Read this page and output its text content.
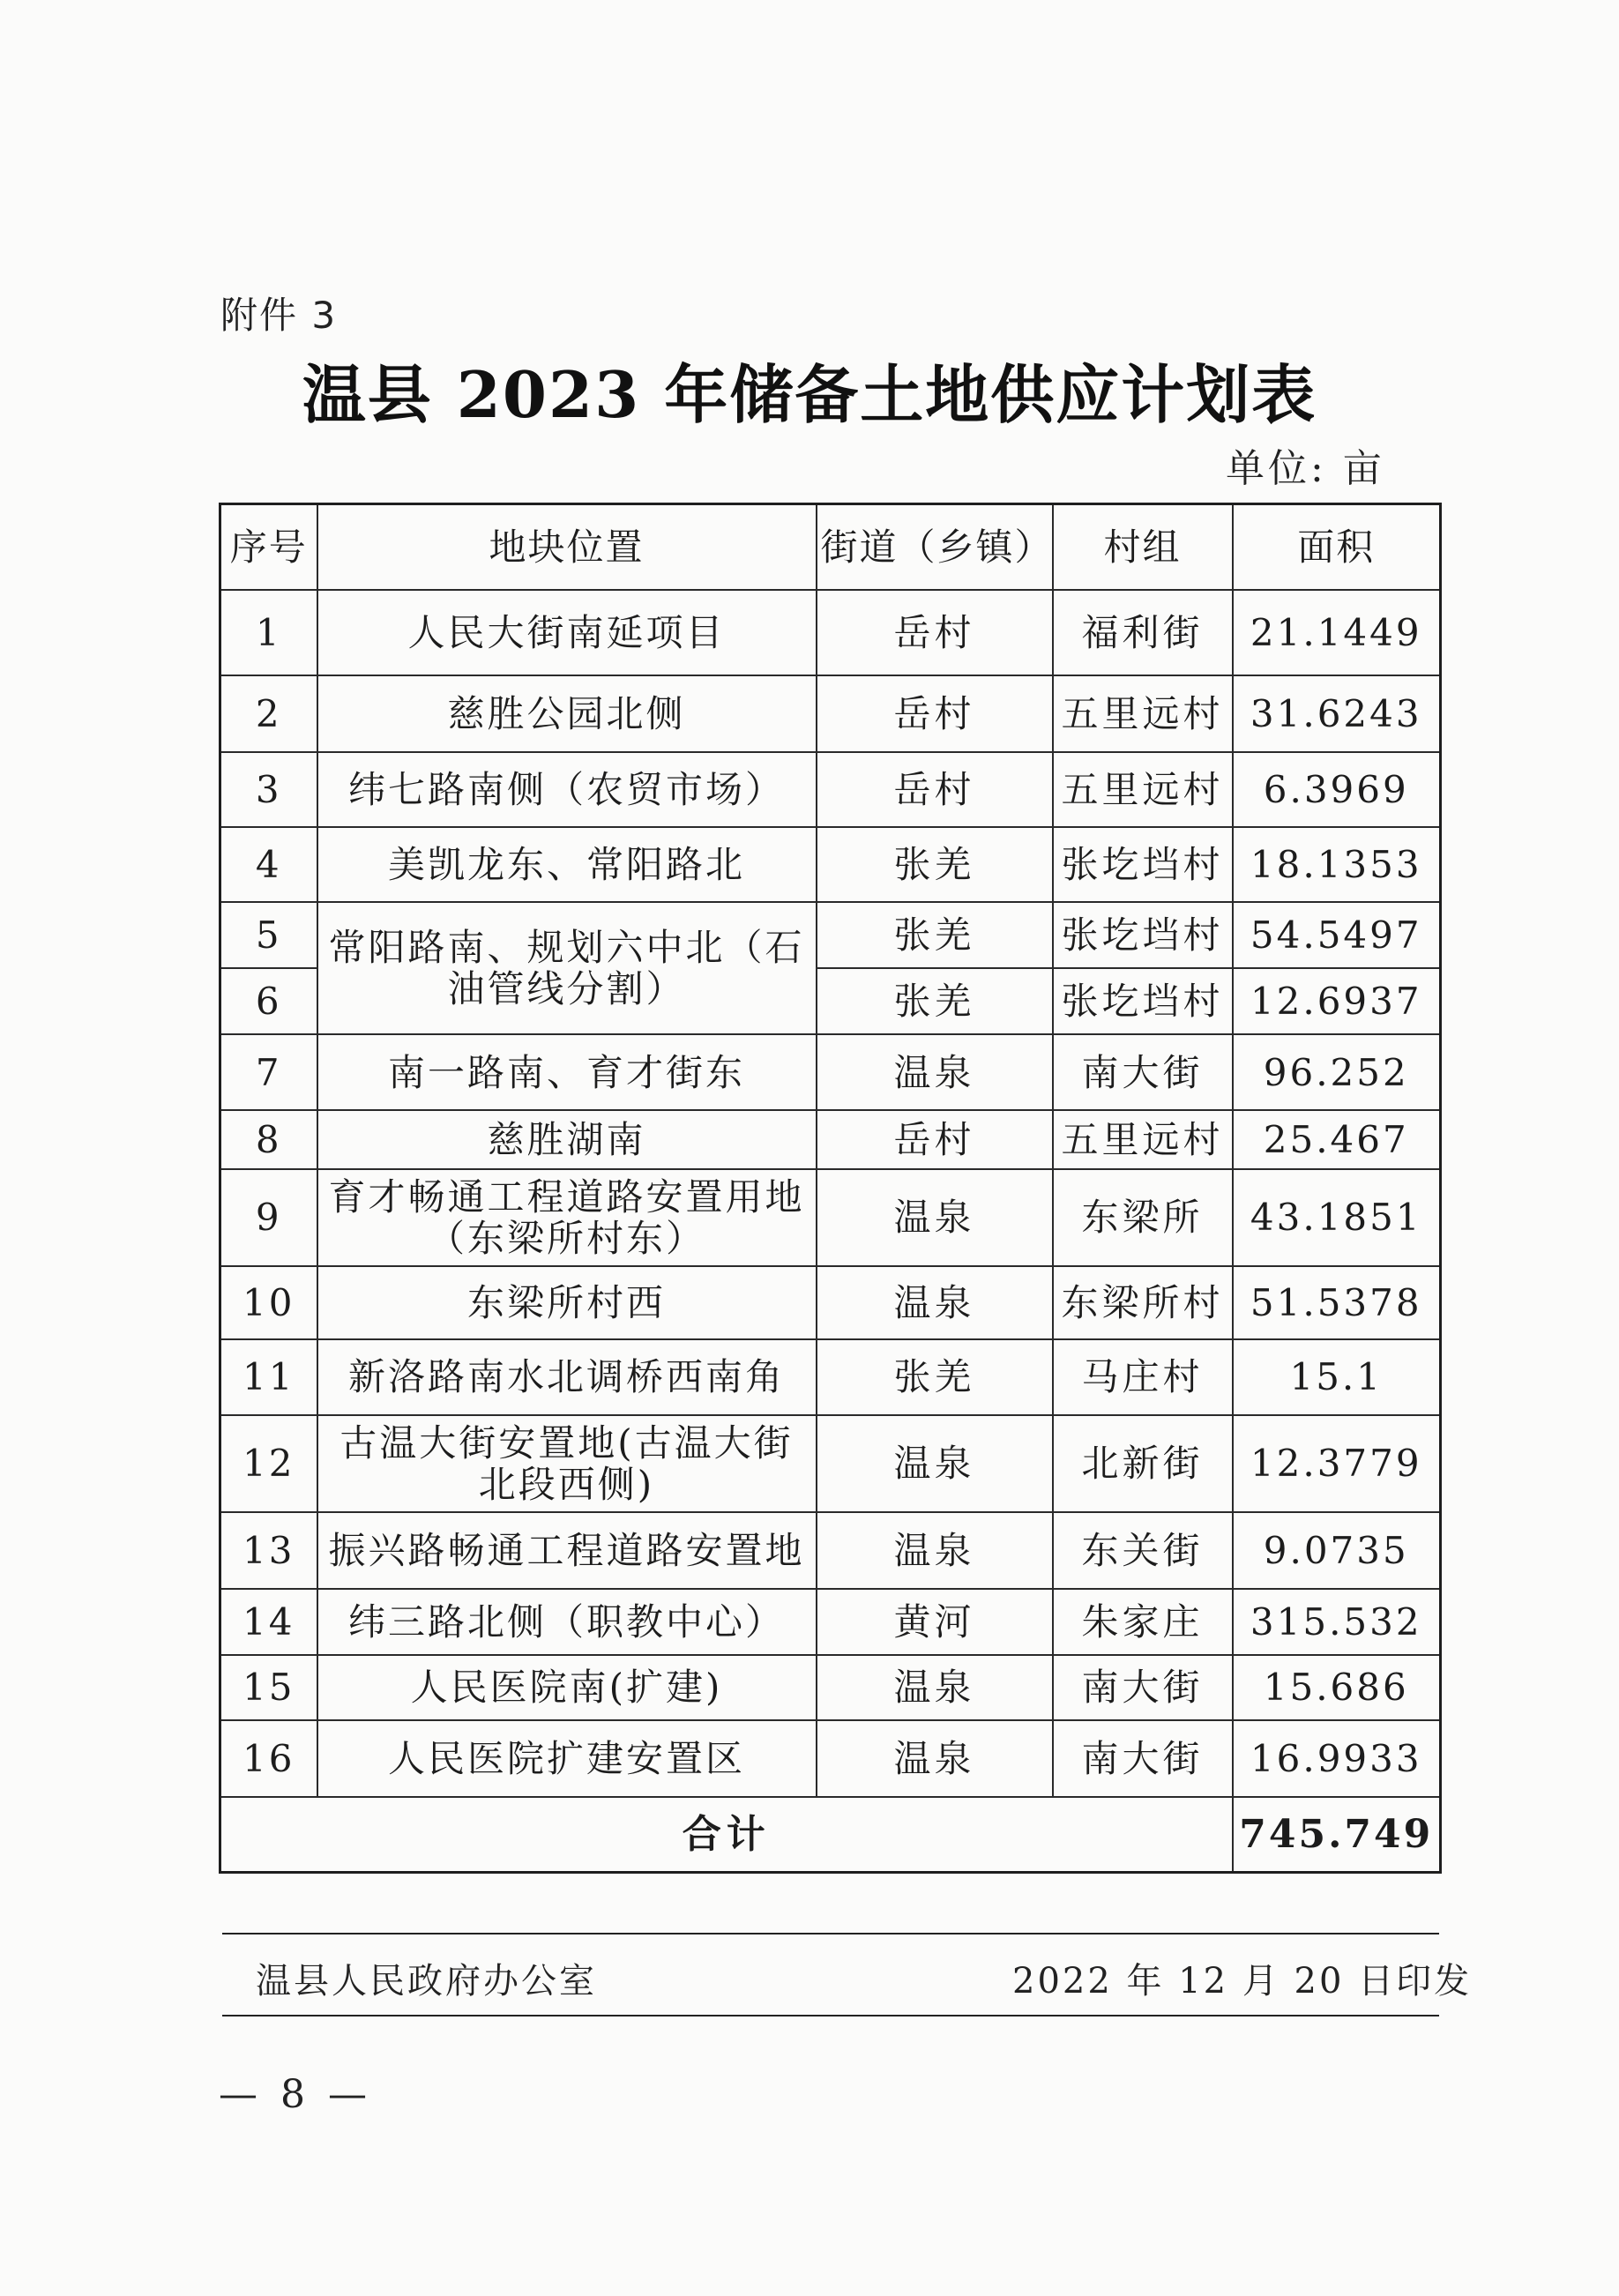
附件 3
温县 2023 年储备土地供应计划表
单位: 亩
序号	地块位置	街道（乡镇）	村组	面积
1	人民大街南延项目	岳村	福利街	21.1449
2	慈胜公园北侧	岳村	五里远村	31.6243
3	纬七路南侧（农贸市场）	岳村	五里远村	6.3969
4	美凯龙东、常阳路北	张羌	张圪垱村	18.1353
5	常阳路南、规划六中北（石油管线分割）	张羌	张圪垱村	54.5497
6		张羌	张圪垱村	12.6937
7	南一路南、育才街东	温泉	南大街	96.252
8	慈胜湖南	岳村	五里远村	25.467
9	育才畅通工程道路安置用地（东梁所村东）	温泉	东梁所	43.1851
10	东梁所村西	温泉	东梁所村	51.5378
11	新洛路南水北调桥西南角	张羌	马庄村	15.1
12	古温大街安置地(古温大街北段西侧)	温泉	北新街	12.3779
13	振兴路畅通工程道路安置地	温泉	东关街	9.0735
14	纬三路北侧（职教中心）	黄河	朱家庄	315.532
15	人民医院南(扩建)	温泉	南大街	15.686
16	人民医院扩建安置区	温泉	南大街	16.9933
合计				745.749
温县人民政府办公室	2022 年 12 月 20 日印发
— 8 —
